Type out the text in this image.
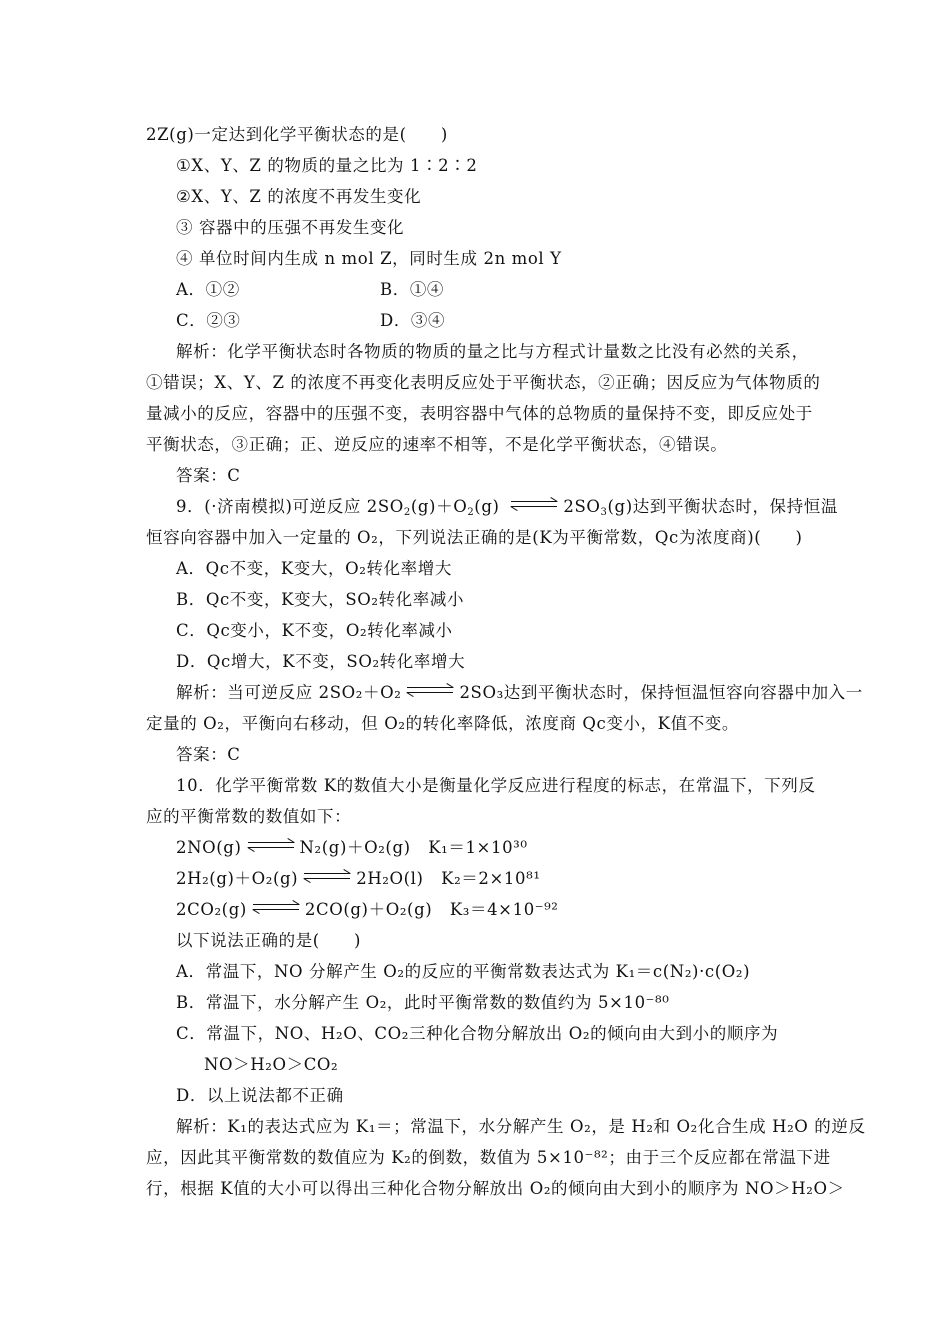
2Z(g)一定达到化学平衡状态的是(　　)
①X、Y、Z 的物质的量之比为 1∶2∶2
②X、Y、Z 的浓度不再发生变化
③ 容器中的压强不再发生变化
④ 单位时间内生成 n mol Z，同时生成 2n mol Y
A．①②	B．①④
C．②③	D．③④
解析：化学平衡状态时各物质的物质的量之比与方程式计量数之比没有必然的关系，
①错误；X、Y、Z 的浓度不再变化表明反应处于平衡状态，②正确；因反应为气体物质的
量减小的反应，容器中的压强不变，表明容器中气体的总物质的量保持不变，即反应处于
平衡状态，③正确；正、逆反应的速率不相等，不是化学平衡状态，④错误。
答案：C
9．(·济南模拟)可逆反应 $2SO_2(g)+O_2(g)$	$2SO_3(g)$达到平衡状态时，保持恒温
恒容向容器中加入一定量的 O₂，下列说法正确的是(K为平衡常数，Qc为浓度商)(　　)
A．Qc不变，K变大，O₂转化率增大
B．Qc不变，K变大，SO₂转化率减小
C．Qc变小，K不变，O₂转化率减小
D．Qc增大，K不变，SO₂转化率增大
解析：当可逆反应 2SO₂＋O₂	2SO₃达到平衡状态时，保持恒温恒容向容器中加入一
定量的 O₂，平衡向右移动，但 O₂的转化率降低，浓度商 Qc变小，K值不变。
答案：C
10．化学平衡常数 K的数值大小是衡量化学反应进行程度的标志，在常温下，下列反
应的平衡常数的数值如下：
2NO(g)	N₂(g)＋O₂(g) K₁＝1×10³⁰
2H₂(g)＋O₂(g)	2H₂O(l) K₂＝2×10⁸¹
2CO₂(g)	2CO(g)＋O₂(g) K₃＝4×10⁻⁹²
以下说法正确的是(　　)
A．常温下，NO 分解产生 O₂的反应的平衡常数表达式为 K₁＝c(N₂)·c(O₂)
B．常温下，水分解产生 O₂，此时平衡常数的数值约为 5×10⁻⁸⁰
C．常温下，NO、H₂O、CO₂三种化合物分解放出 O₂的倾向由大到小的顺序为
NO＞H₂O＞CO₂
D．以上说法都不正确
解析：K₁的表达式应为 K₁＝；常温下，水分解产生 O₂，是 H₂和 O₂化合生成 H₂O 的逆反
应，因此其平衡常数的数值应为 K₂的倒数，数值为 5×10⁻⁸²；由于三个反应都在常温下进
行，根据 K值的大小可以得出三种化合物分解放出 O₂的倾向由大到小的顺序为 NO＞H₂O＞
